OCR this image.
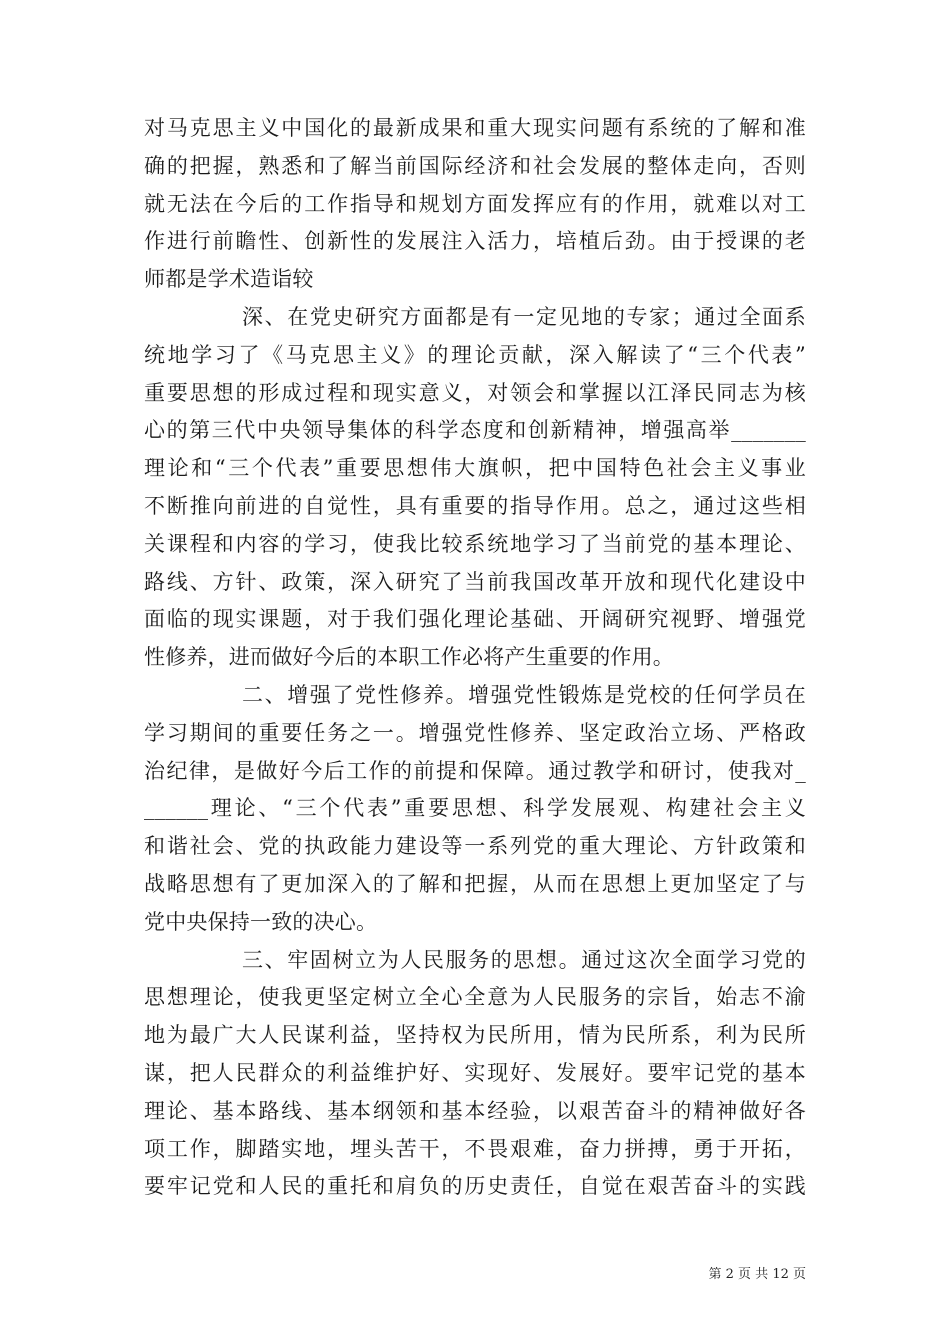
对马克思主义中国化的最新成果和重大现实问题有系统的了解和准
确的把握，熟悉和了解当前国际经济和社会发展的整体走向，否则
就无法在今后的工作指导和规划方面发挥应有的作用，就难以对工
作进行前瞻性、创新性的发展注入活力，培植后劲。由于授课的老
师都是学术造诣较
深、在党史研究方面都是有一定见地的专家；通过全面系
统地学习了《马克思主义》的理论贡献，深入解读了“三个代表”
重要思想的形成过程和现实意义，对领会和掌握以江泽民同志为核
心的第三代中央领导集体的科学态度和创新精神，增强高举_______
理论和“三个代表”重要思想伟大旗帜，把中国特色社会主义事业
不断推向前进的自觉性，具有重要的指导作用。总之，通过这些相
关课程和内容的学习，使我比较系统地学习了当前党的基本理论、
路线、方针、政策，深入研究了当前我国改革开放和现代化建设中
面临的现实课题，对于我们强化理论基础、开阔研究视野、增强党
性修养，进而做好今后的本职工作必将产生重要的作用。
二、增强了党性修养。增强党性锻炼是党校的任何学员在
学习期间的重要任务之一。增强党性修养、坚定政治立场、严格政
治纪律，是做好今后工作的前提和保障。通过教学和研讨，使我对_
______理论、“三个代表”重要思想、科学发展观、构建社会主义
和谐社会、党的执政能力建设等一系列党的重大理论、方针政策和
战略思想有了更加深入的了解和把握，从而在思想上更加坚定了与
党中央保持一致的决心。
三、牢固树立为人民服务的思想。通过这次全面学习党的
思想理论，使我更坚定树立全心全意为人民服务的宗旨，始志不渝
地为最广大人民谋利益，坚持权为民所用，情为民所系，利为民所
谋，把人民群众的利益维护好、实现好、发展好。要牢记党的基本
理论、基本路线、基本纲领和基本经验，以艰苦奋斗的精神做好各
项工作，脚踏实地，埋头苦干，不畏艰难，奋力拼搏，勇于开拓，
要牢记党和人民的重托和肩负的历史责任，自觉在艰苦奋斗的实践
第 2 页 共 12 页
